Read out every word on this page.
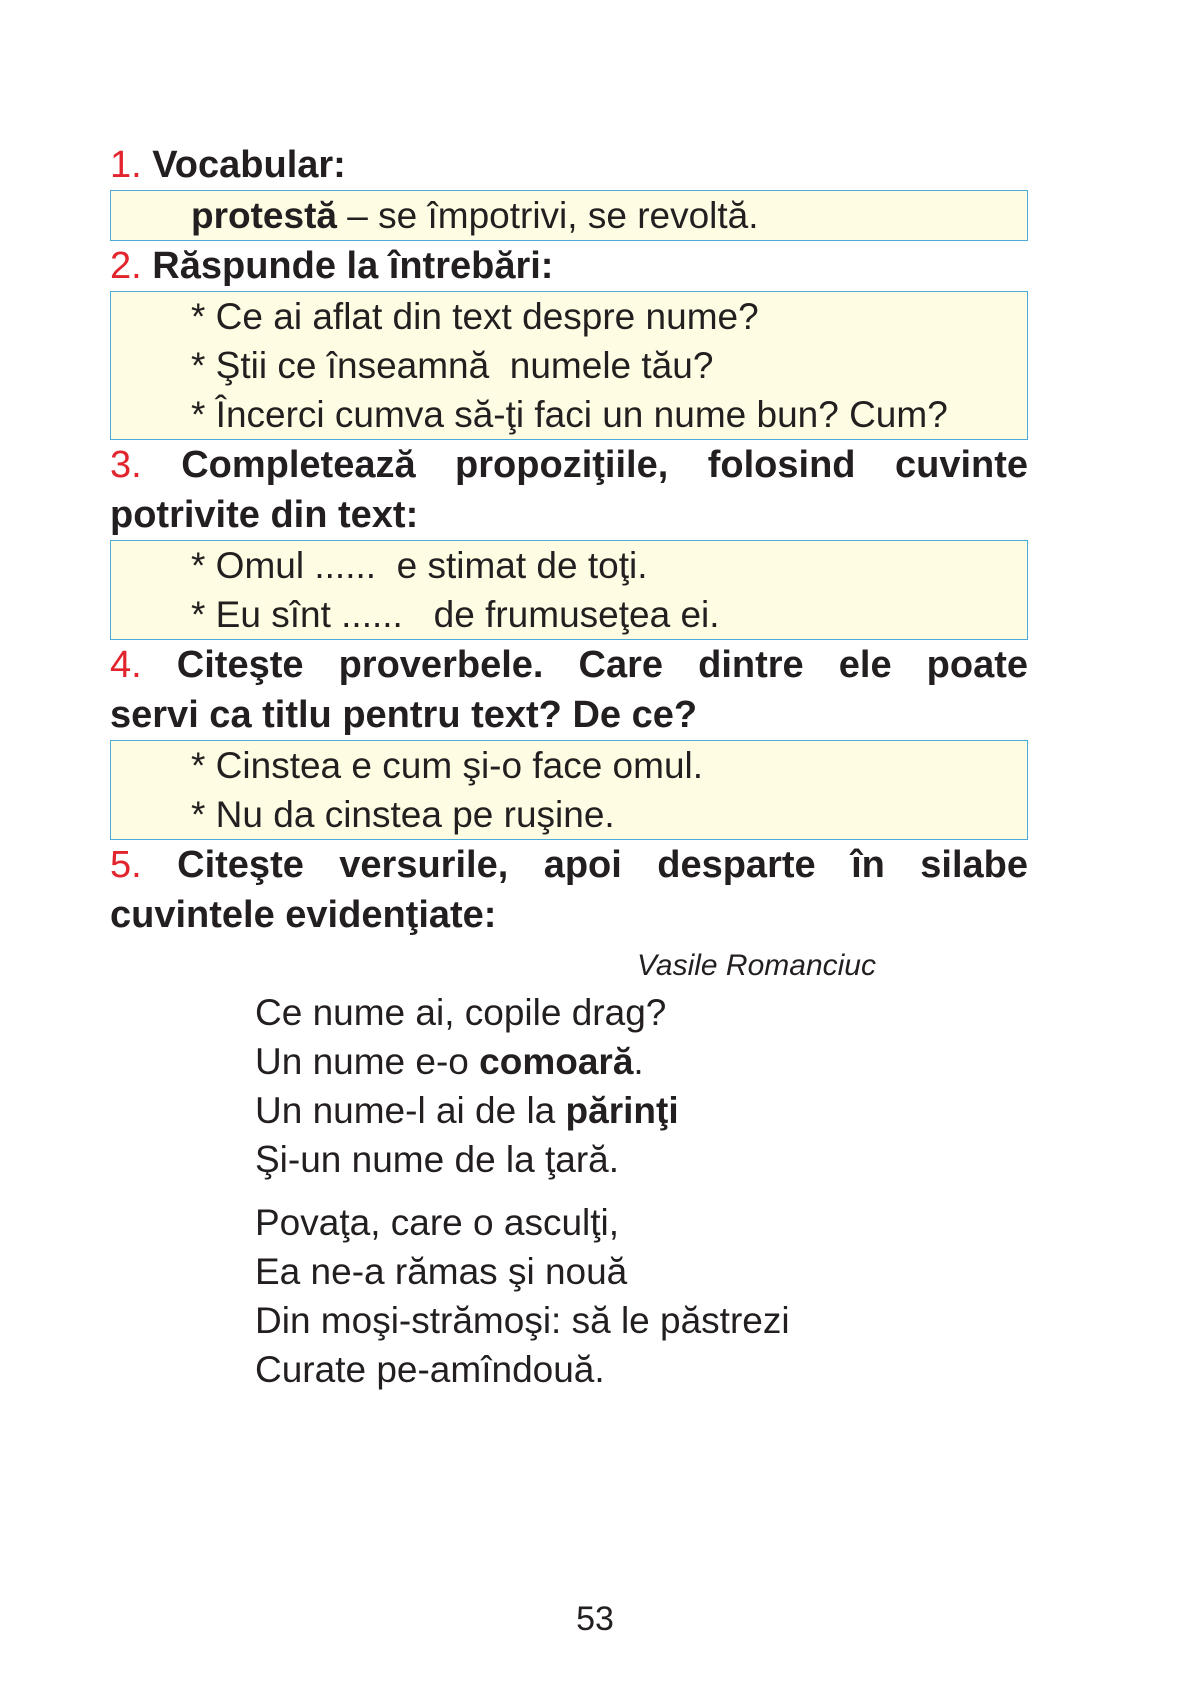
1. Vocabular:

protestă – se împotrivi, se revoltă.

2. Răspunde la întrebări:

* Ce ai aflat din text despre nume?
* Ştii ce înseamnă  numele tău?
* Încerci cumva să-ţi faci un nume bun? Cum?

3. Completează propoziţiile, folosind cuvinte
potrivite din text:

* Omul ......  e stimat de toţi.
* Eu sînt ......   de frumuseţea ei.

4. Citeşte proverbele. Care dintre ele poate
servi ca titlu pentru text? De ce?

* Cinstea e cum şi-o face omul.
* Nu da cinstea pe ruşine.

5. Citeşte versurile, apoi desparte în silabe
cuvintele evidenţiate:

Vasile Romanciuc
Ce nume ai, copile drag?
Un nume e-o comoară.
Un nume-l ai de la părinţi
Şi-un nume de la ţară.
Povaţa, care o asculţi,
Ea ne-a rămas şi nouă
Din moşi-strămoşi: să le păstrezi
Curate pe-amîndouă.
53
